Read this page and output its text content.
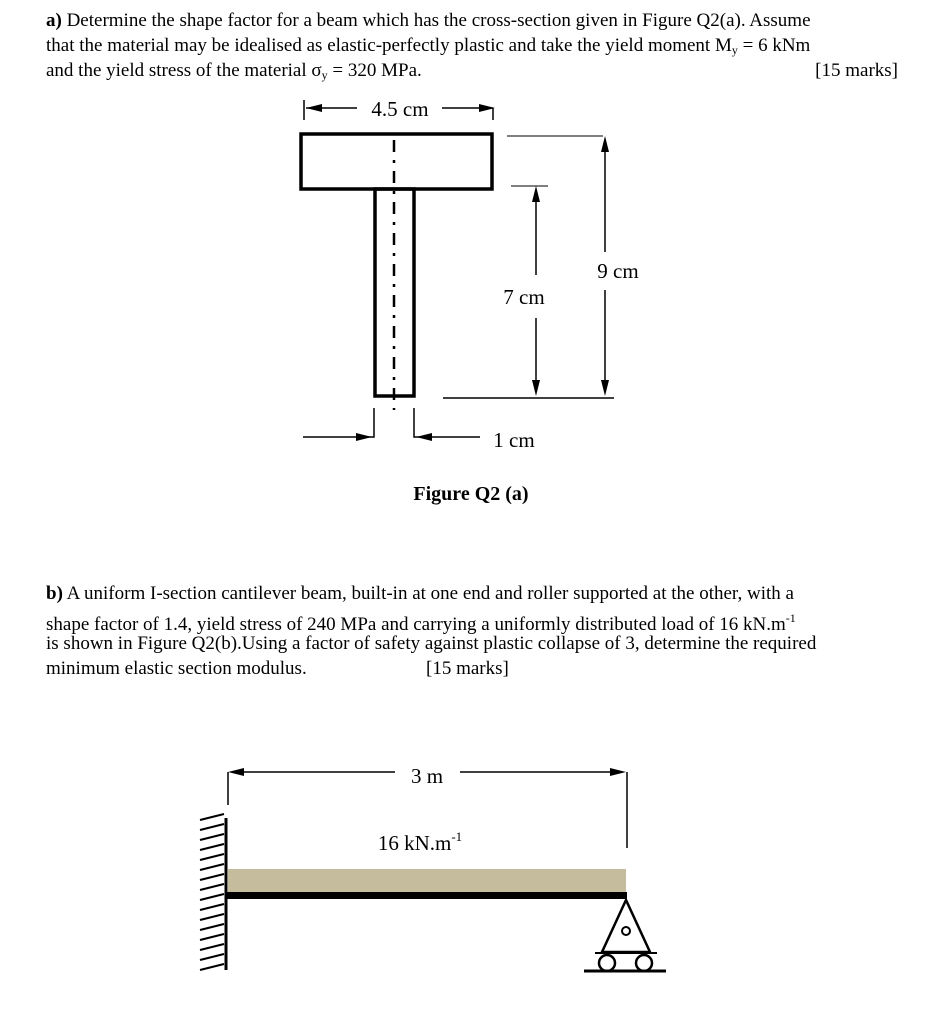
a) Determine the shape factor for a beam which has the cross-section given in Figure Q2(a). Assume
that the material may be idealised as elastic-perfectly plastic and take the yield moment $M_y = 6$ kNm
and the yield stress of the material $\sigma_y = 320$ MPa.	[15 marks]
4.5 cm
7 cm
9 cm
1 cm
Figure Q2 (a)
b) A uniform I-section cantilever beam, built-in at one end and roller supported at the other, with a
shape factor of 1.4, yield stress of 240 MPa and carrying a uniformly distributed load of 16 $kN.m^{-1}$
is shown in Figure Q2(b).Using a factor of safety against plastic collapse of 3, determine the required
minimum elastic section modulus.	[15 marks]
3 m
16 $kN.m^{-1}$
